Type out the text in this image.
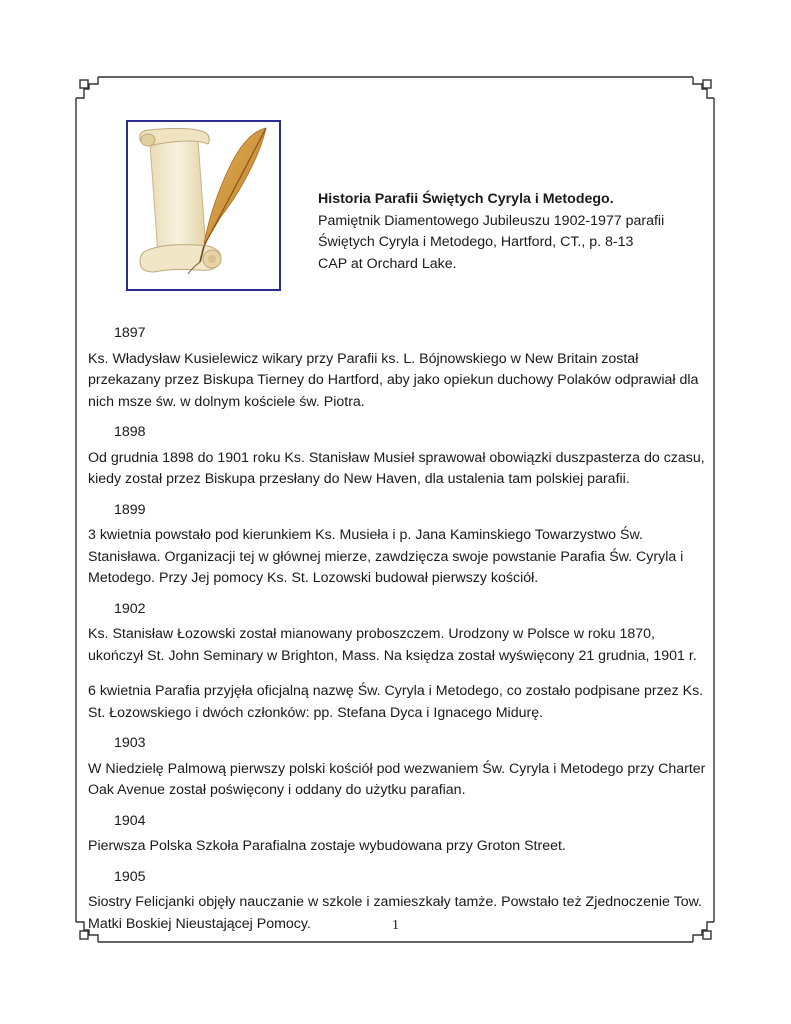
Historia Parafii Świętych Cyryla i Metodego.
Pamiętnik Diamentowego Jubileuszu 1902-1977 parafii
Świętych Cyryla i Metodego, Hartford, CT., p. 8-13
CAP at Orchard Lake.
1897
Ks. Władysław Kusielewicz wikary przy Parafii ks. L. Bójnowskiego w New Britain został przekazany przez Biskupa Tierney do Hartford, aby jako opiekun duchowy Polaków odprawiał dla nich msze św. w dolnym kościele św. Piotra.
1898
Od grudnia 1898 do 1901 roku Ks. Stanisław Musieł sprawował obowiązki duszpasterza do czasu, kiedy został przez Biskupa przesłany do New Haven, dla ustalenia tam polskiej parafii.
1899
3 kwietnia powstało pod kierunkiem Ks. Musieła i p. Jana Kaminskiego Towarzystwo Św. Stanisława. Organizacji tej w głównej mierze, zawdzięcza swoje powstanie Parafia Św. Cyryla i Metodego. Przy Jej pomocy Ks. St. Lozowski budował pierwszy kościół.
1902
Ks. Stanisław Łozowski został mianowany proboszczem. Urodzony w Polsce w roku 1870, ukończył St. John Seminary w Brighton, Mass. Na księdza został wyświęcony 21 grudnia, 1901 r.
6 kwietnia Parafia przyjęła oficjalną nazwę Św. Cyryla i Metodego, co zostało podpisane przez Ks. St. Łozowskiego i dwóch członków: pp. Stefana Dyca i Ignacego Midurę.
1903
W Niedzielę Palmową pierwszy polski kościół pod wezwaniem Św. Cyryla i Metodego przy Charter Oak Avenue został poświęcony i oddany do użytku parafian.
1904
Pierwsza Polska Szkoła Parafialna zostaje wybudowana przy Groton Street.
1905
Siostry Felicjanki objęły nauczanie w szkole i zamieszkały tamże. Powstało też Zjednoczenie Tow. Matki Boskiej Nieustającej Pomocy.	1
